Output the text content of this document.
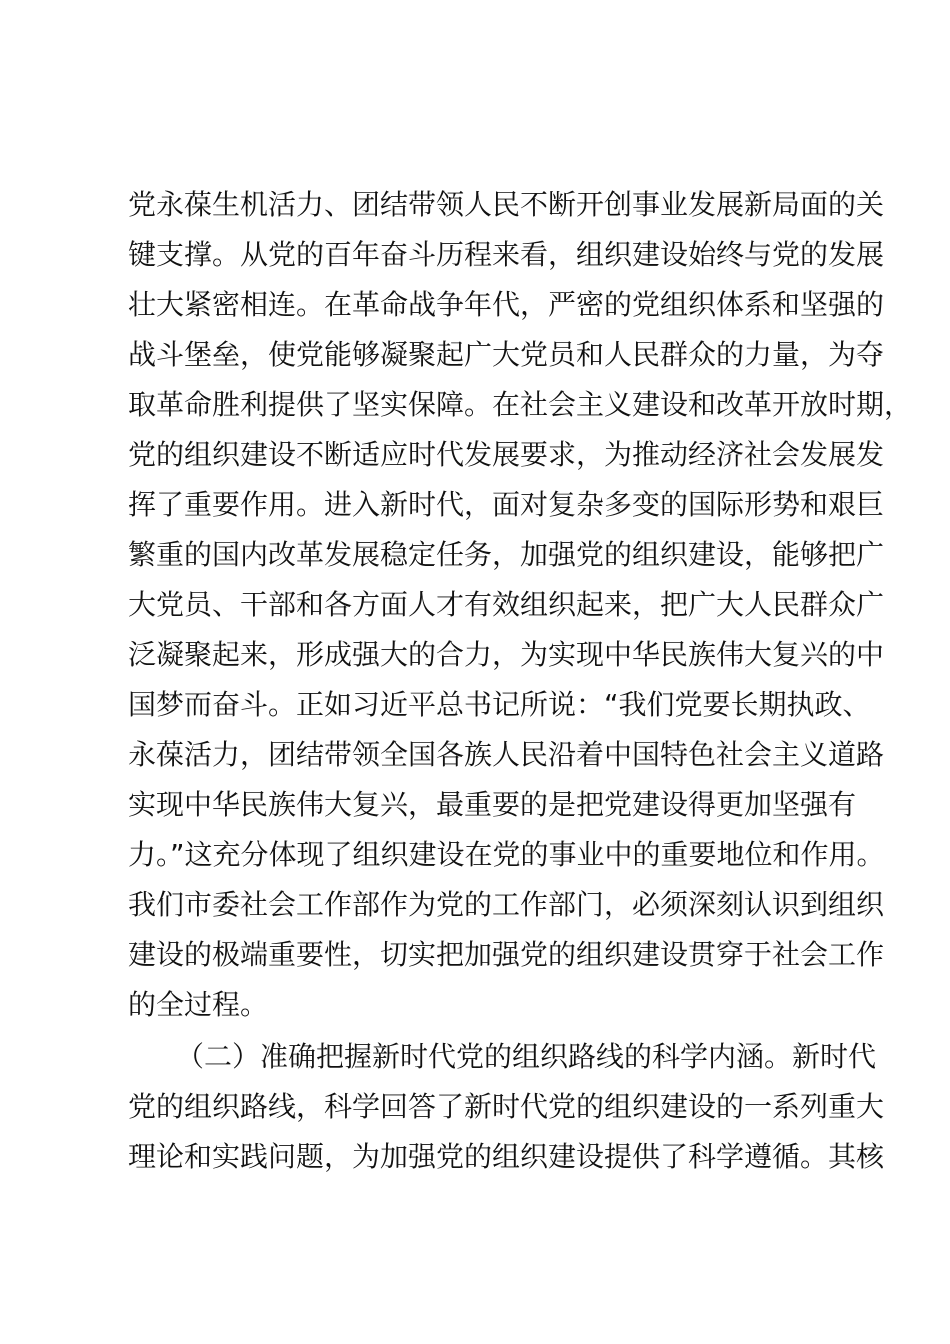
党永葆生机活力、团结带领人民不断开创事业发展新局面的关
键支撑。从党的百年奋斗历程来看，组织建设始终与党的发展
壮大紧密相连。在革命战争年代，严密的党组织体系和坚强的
战斗堡垒，使党能够凝聚起广大党员和人民群众的力量，为夺
取革命胜利提供了坚实保障。在社会主义建设和改革开放时期，
党的组织建设不断适应时代发展要求，为推动经济社会发展发
挥了重要作用。进入新时代，面对复杂多变的国际形势和艰巨
繁重的国内改革发展稳定任务，加强党的组织建设，能够把广
大党员、干部和各方面人才有效组织起来，把广大人民群众广
泛凝聚起来，形成强大的合力，为实现中华民族伟大复兴的中
国梦而奋斗。正如习近平总书记所说：“我们党要长期执政、
永葆活力，团结带领全国各族人民沿着中国特色社会主义道路
实现中华民族伟大复兴，最重要的是把党建设得更加坚强有
力。”这充分体现了组织建设在党的事业中的重要地位和作用。
我们市委社会工作部作为党的工作部门，必须深刻认识到组织
建设的极端重要性，切实把加强党的组织建设贯穿于社会工作
的全过程。
（二）准确把握新时代党的组织路线的科学内涵。新时代
党的组织路线，科学回答了新时代党的组织建设的一系列重大
理论和实践问题，为加强党的组织建设提供了科学遵循。其核
